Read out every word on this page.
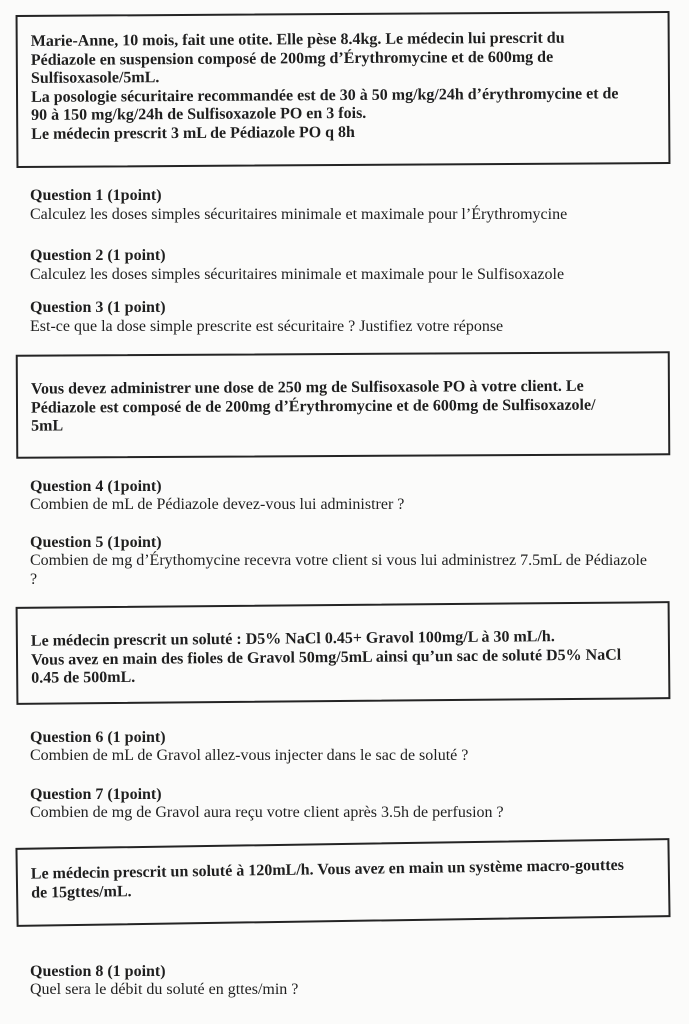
Marie-Anne, 10 mois, fait une otite. Elle pèse 8.4kg. Le médecin lui prescrit du
Pédiazole en suspension composé de 200mg d’Érythromycine et de 600mg de
Sulfisoxasole/5mL.
La posologie sécuritaire recommandée est de 30 à 50 mg/kg/24h d’érythromycine et de
90 à 150 mg/kg/24h de Sulfisoxazole PO en 3 fois.
Le médecin prescrit 3 mL de Pédiazole PO q 8h
Question 1 (1point)
Calculez les doses simples sécuritaires minimale et maximale pour l’Érythromycine
Question 2 (1 point)
Calculez les doses simples sécuritaires minimale et maximale pour le Sulfisoxazole
Question 3 (1 point)
Est-ce que la dose simple prescrite est sécuritaire ? Justifiez votre réponse
Vous devez administrer une dose de 250 mg de Sulfisoxasole PO à votre client. Le
Pédiazole est composé de de 200mg d’Érythromycine et de 600mg de Sulfisoxazole/
5mL
Question 4 (1point)
Combien de mL de Pédiazole devez-vous lui administrer ?
Question 5 (1point)
Combien de mg d’Érythomycine recevra votre client si vous lui administrez 7.5mL de Pédiazole ?
Le médecin prescrit un soluté : D5% NaCl 0.45+ Gravol 100mg/L à 30 mL/h.
Vous avez en main des fioles de Gravol 50mg/5mL ainsi qu’un sac de soluté D5% NaCl
0.45 de 500mL.
Question 6 (1 point)
Combien de mL de Gravol allez-vous injecter dans le sac de soluté ?
Question 7 (1point)
Combien de mg de Gravol aura reçu votre client après 3.5h de perfusion ?
Le médecin prescrit un soluté à 120mL/h. Vous avez en main un système macro-gouttes
de 15gttes/mL.
Question 8 (1 point)
Quel sera le débit du soluté en gttes/min ?
